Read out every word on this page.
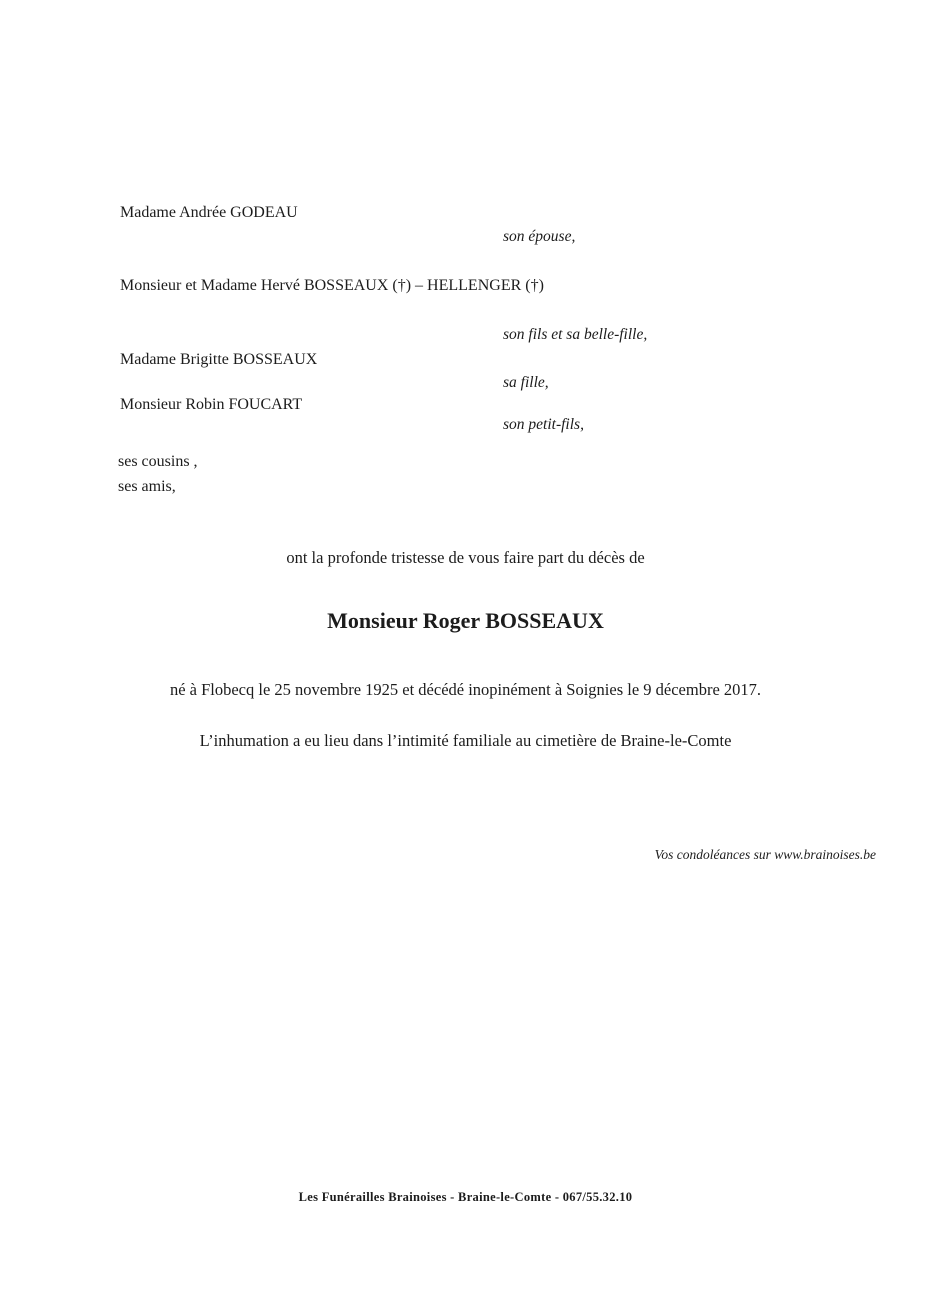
Madame Andrée GODEAU
son épouse,
Monsieur et Madame Hervé BOSSEAUX (†) – HELLENGER (†)
son fils et sa belle-fille,
Madame Brigitte BOSSEAUX
sa fille,
Monsieur Robin FOUCART
son petit-fils,
ses cousins ,
ses amis,
ont la profonde tristesse de vous faire part du décès de
Monsieur Roger BOSSEAUX
né à Flobecq le 25 novembre 1925 et décédé inopinément à Soignies le 9 décembre 2017.
L’inhumation a eu lieu dans l’intimité familiale au cimetière de Braine-le-Comte
Vos condoléances sur www.brainoises.be
Les Funérailles Brainoises - Braine-le-Comte - 067/55.32.10
